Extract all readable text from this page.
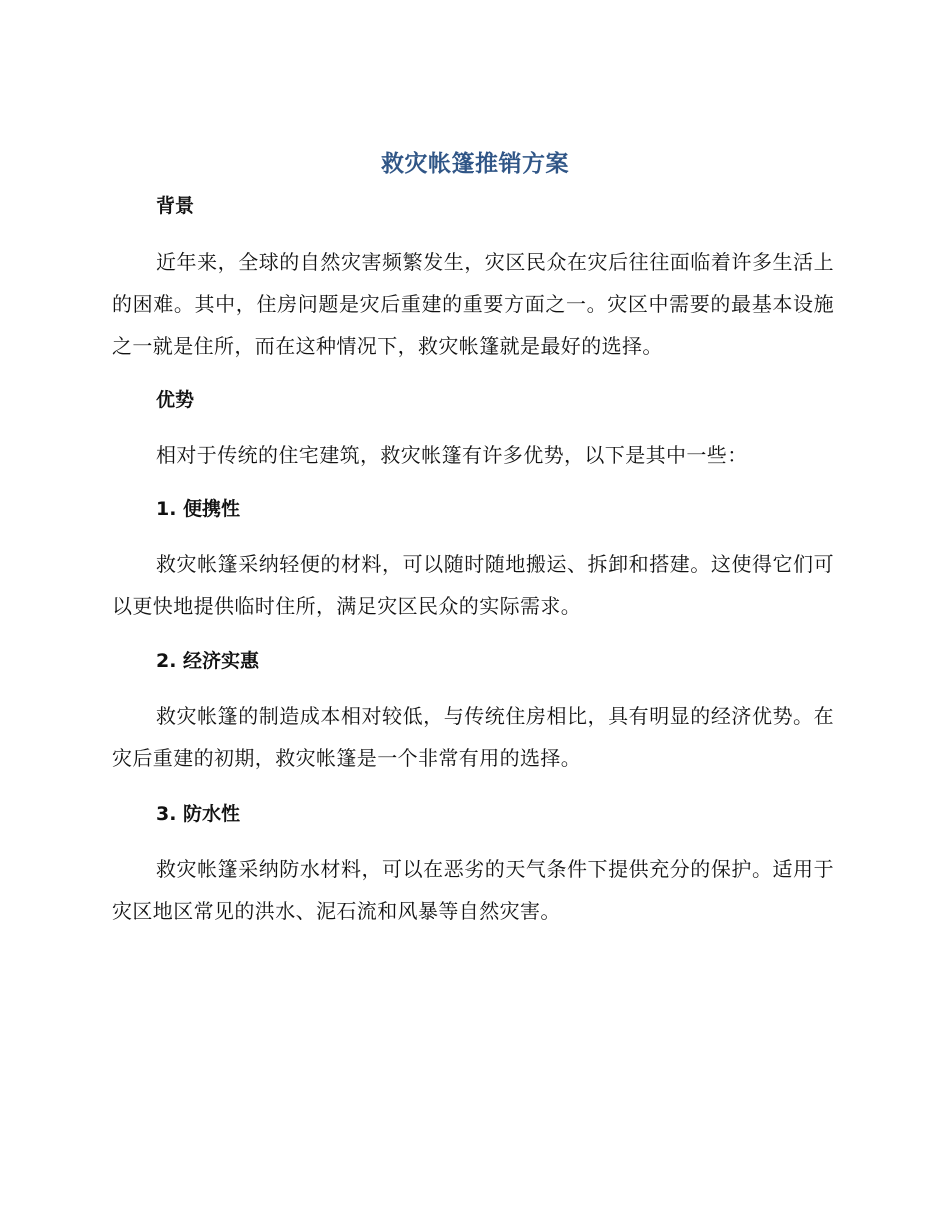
救灾帐篷推销方案
背景
近年来，全球的自然灾害频繁发生，灾区民众在灾后往往面临着许多生活上的困难。其中，住房问题是灾后重建的重要方面之一。灾区中需要的最基本设施之一就是住所，而在这种情况下，救灾帐篷就是最好的选择。
优势
相对于传统的住宅建筑，救灾帐篷有许多优势，以下是其中一些：
1. 便携性
救灾帐篷采纳轻便的材料，可以随时随地搬运、拆卸和搭建。这使得它们可以更快地提供临时住所，满足灾区民众的实际需求。
2. 经济实惠
救灾帐篷的制造成本相对较低，与传统住房相比，具有明显的经济优势。在灾后重建的初期，救灾帐篷是一个非常有用的选择。
3. 防水性
救灾帐篷采纳防水材料，可以在恶劣的天气条件下提供充分的保护。适用于灾区地区常见的洪水、泥石流和风暴等自然灾害。
